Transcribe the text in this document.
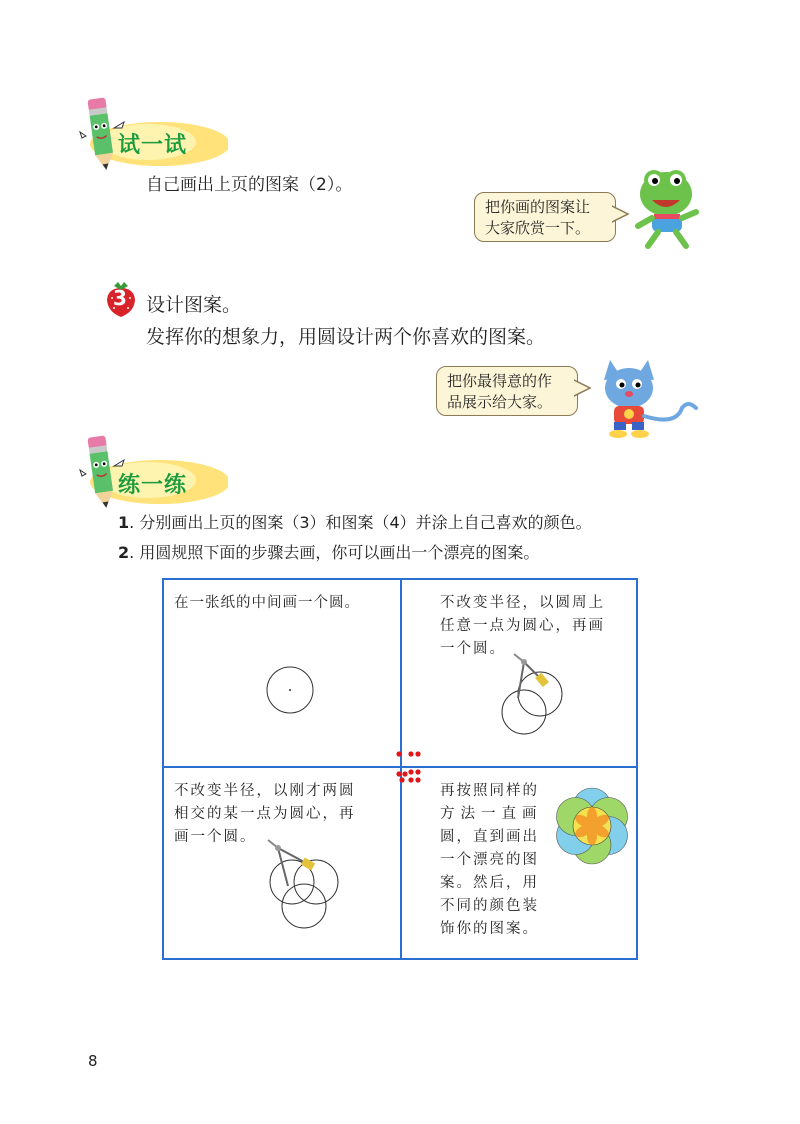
试一试
自己画出上页的图案（2）。
把你画的图案让
大家欣赏一下。
3 设计图案。
发挥你的想象力，用圆设计两个你喜欢的图案。
把你最得意的作
品展示给大家。
练一练
1. 分别画出上页的图案（3）和图案（4）并涂上自己喜欢的颜色。
2. 用圆规照下面的步骤去画，你可以画出一个漂亮的图案。
在一张纸的中间画一个圆。	不改变半径，以圆周上
任意一点为圆心，再画
一个圆。
不改变半径，以刚才两圆
相交的某一点为圆心，再
画一个圆。
再按照同样的
方法一直画
圆，直到画出
一个漂亮的图
案。然后，用
不同的颜色装
饰你的图案。
8
